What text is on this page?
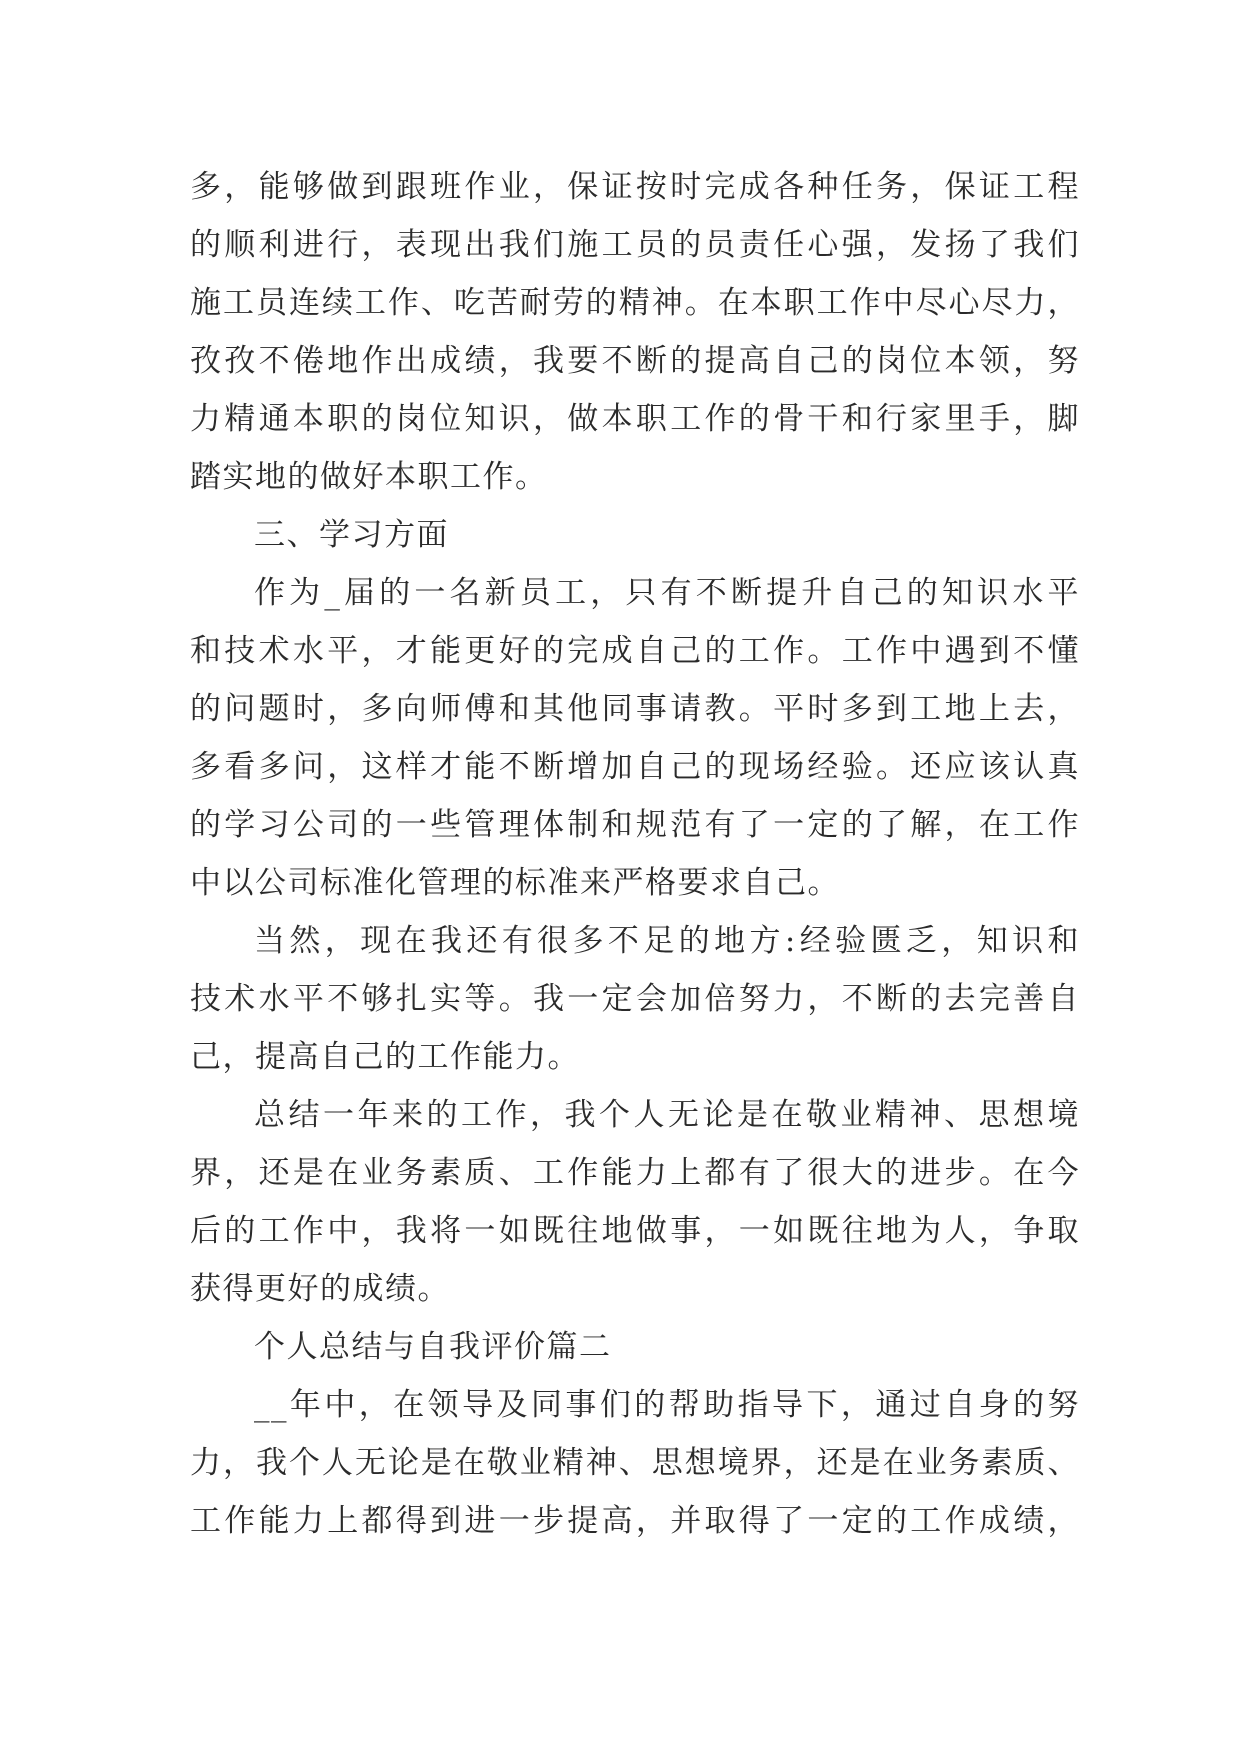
多，能够做到跟班作业，保证按时完成各种任务，保证工程
的顺利进行，表现出我们施工员的员责任心强，发扬了我们
施工员连续工作、吃苦耐劳的精神。在本职工作中尽心尽力，
孜孜不倦地作出成绩，我要不断的提高自己的岗位本领，努
力精通本职的岗位知识，做本职工作的骨干和行家里手，脚
踏实地的做好本职工作。
三、学习方面
作为_届的一名新员工，只有不断提升自己的知识水平
和技术水平，才能更好的完成自己的工作。工作中遇到不懂
的问题时，多向师傅和其他同事请教。平时多到工地上去，
多看多问，这样才能不断增加自己的现场经验。还应该认真
的学习公司的一些管理体制和规范有了一定的了解，在工作
中以公司标准化管理的标准来严格要求自己。
当然，现在我还有很多不足的地方:经验匮乏，知识和
技术水平不够扎实等。我一定会加倍努力，不断的去完善自
己，提高自己的工作能力。
总结一年来的工作，我个人无论是在敬业精神、思想境
界，还是在业务素质、工作能力上都有了很大的进步。在今
后的工作中，我将一如既往地做事，一如既往地为人，争取
获得更好的成绩。
个人总结与自我评价篇二
__年中，在领导及同事们的帮助指导下，通过自身的努
力，我个人无论是在敬业精神、思想境界，还是在业务素质、
工作能力上都得到进一步提高，并取得了一定的工作成绩，
